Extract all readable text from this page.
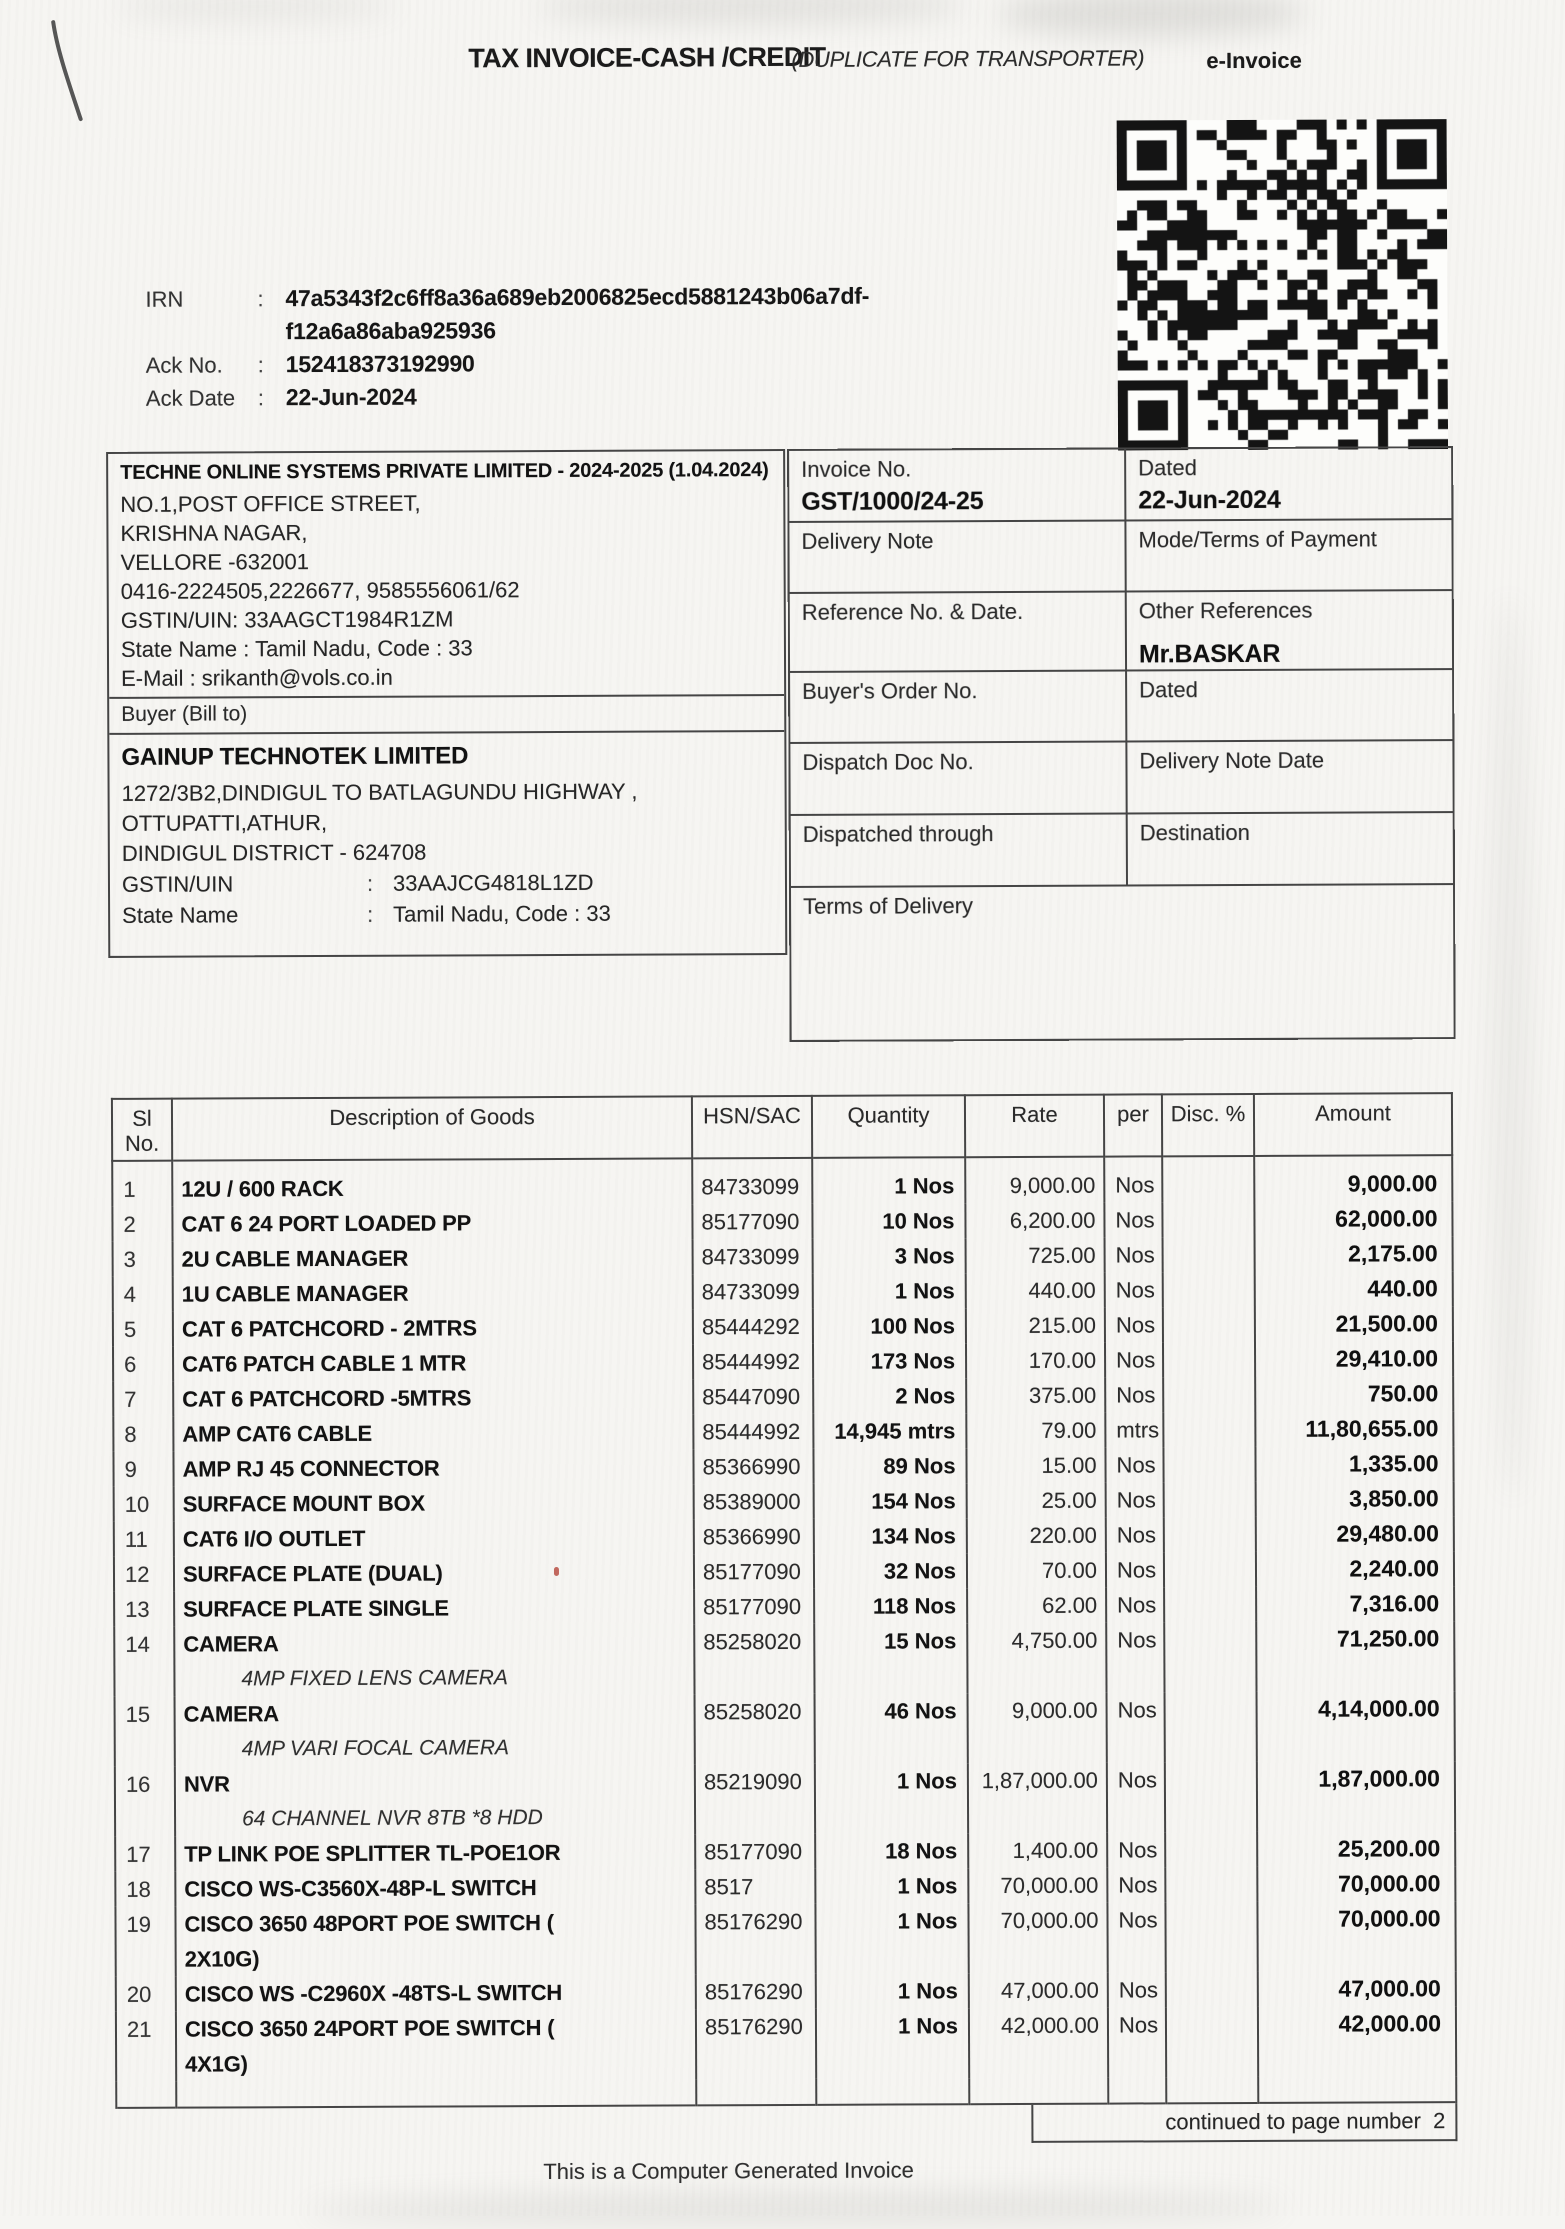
TAX INVOICE-CASH /CREDIT
(DUPLICATE FOR TRANSPORTER)	e-Invoice
IRN :	47a5343f2c6ff8a36a689eb2006825ecd5881243b06a7df-
f12a6a86aba925936
Ack No. :	152418373192990
Ack Date :	22-Jun-2024
TECHNE ONLINE SYSTEMS PRIVATE LIMITED - 2024-2025 (1.04.2024)
NO.1,POST OFFICE STREET,
KRISHNA NAGAR,
VELLORE -632001
0416-2224505,2226677, 9585556061/62
GSTIN/UIN: 33AAGCT1984R1ZM
State Name : Tamil Nadu, Code : 33
E-Mail : srikanth@vols.co.in
Buyer (Bill to)
GAINUP TECHNOTEK LIMITED
1272/3B2,DINDIGUL TO BATLAGUNDU HIGHWAY ,
OTTUPATTI,ATHUR,
DINDIGUL DISTRICT - 624708
GSTIN/UIN :	33AAJCG4818L1ZD
State Name :	Tamil Nadu, Code : 33
Invoice No.
GST/1000/24-25
Dated
22-Jun-2024
Delivery Note	Mode/Terms of Payment
Reference No. & Date.	Other References
Mr.BASKAR
Buyer's Order No.	Dated
Dispatch Doc No.	Delivery Note Date
Dispatched through	Destination
Terms of Delivery
Sl
No.	Description of Goods	HSN/SAC	Quantity	Rate	per	Disc. %	Amount
1	12U / 600 RACK	84733099	1 Nos	9,000.00	Nos		9,000.00
2	CAT 6 24 PORT LOADED PP	85177090	10 Nos	6,200.00	Nos		62,000.00
3	2U CABLE MANAGER	84733099	3 Nos	725.00	Nos		2,175.00
4	1U CABLE MANAGER	84733099	1 Nos	440.00	Nos		440.00
5	CAT 6 PATCHCORD - 2MTRS	85444292	100 Nos	215.00	Nos		21,500.00
6	CAT6 PATCH CABLE 1 MTR	85444992	173 Nos	170.00	Nos		29,410.00
7	CAT 6 PATCHCORD -5MTRS	85447090	2 Nos	375.00	Nos		750.00
8	AMP CAT6 CABLE	85444992	14,945 mtrs	79.00	mtrs		11,80,655.00
9	AMP RJ 45 CONNECTOR	85366990	89 Nos	15.00	Nos		1,335.00
10	SURFACE MOUNT BOX	85389000	154 Nos	25.00	Nos		3,850.00
11	CAT6 I/O OUTLET	85366990	134 Nos	220.00	Nos		29,480.00
12	SURFACE PLATE (DUAL)	85177090	32 Nos	70.00	Nos		2,240.00
13	SURFACE PLATE SINGLE	85177090	118 Nos	62.00	Nos		7,316.00
14	CAMERA
4MP FIXED LENS CAMERA	85258020	15 Nos	4,750.00	Nos		71,250.00
15	CAMERA
4MP VARI FOCAL CAMERA	85258020	46 Nos	9,000.00	Nos		4,14,000.00
16	NVR
64 CHANNEL NVR 8TB *8 HDD	85219090	1 Nos	1,87,000.00	Nos		1,87,000.00
17	TP LINK POE SPLITTER TL-POE1OR	85177090	18 Nos	1,400.00	Nos		25,200.00
18	CISCO WS-C3560X-48P-L SWITCH	8517	1 Nos	70,000.00	Nos		70,000.00
19	CISCO 3650 48PORT POE SWITCH (
2X10G)	85176290	1 Nos	70,000.00	Nos		70,000.00
20	CISCO WS -C2960X -48TS-L SWITCH	85176290	1 Nos	47,000.00	Nos		47,000.00
21	CISCO 3650 24PORT POE SWITCH (
4X1G)	85176290	1 Nos	42,000.00	Nos		42,000.00

continued to page number  2
This is a Computer Generated Invoice
